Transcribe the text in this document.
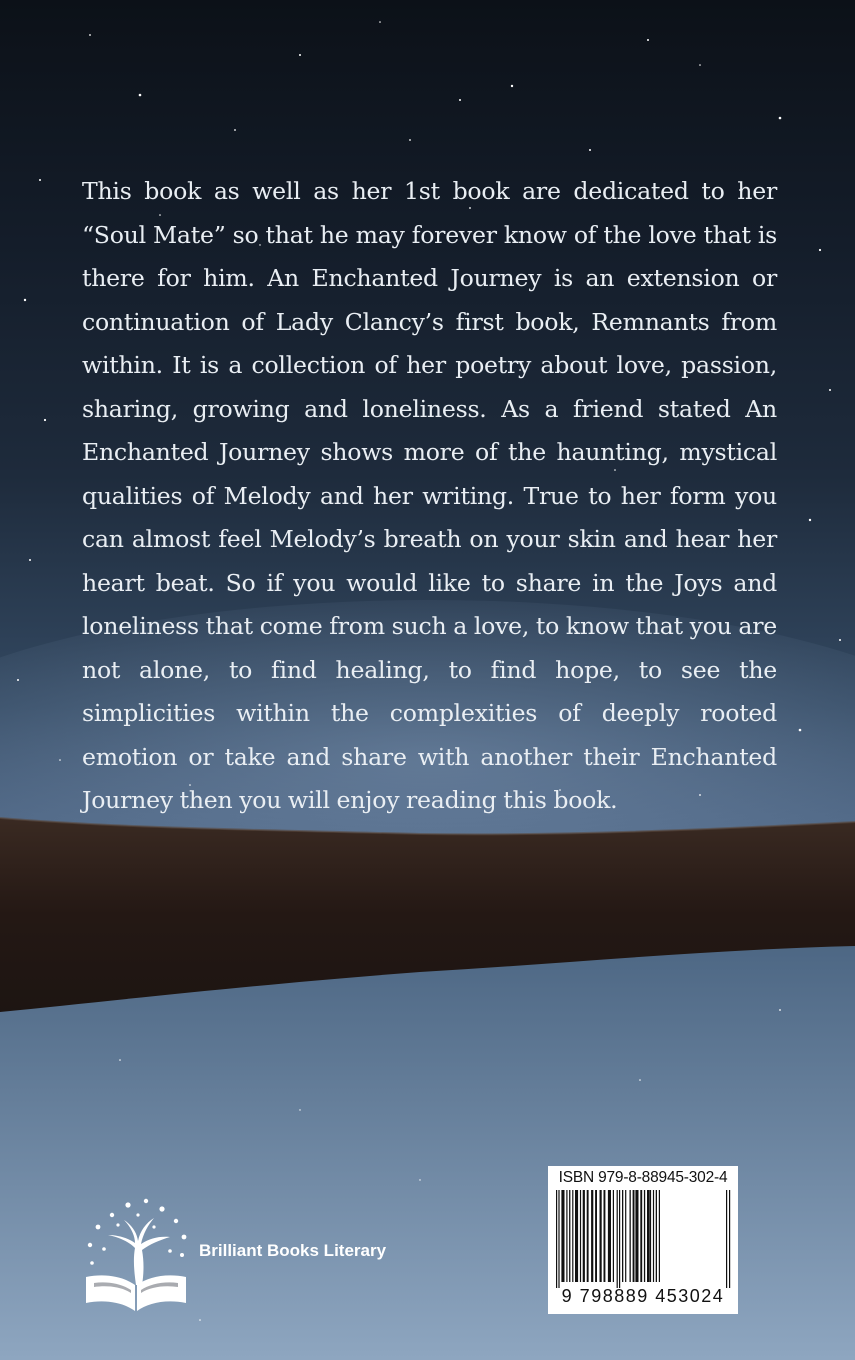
This book as well as her 1st book are dedicated to her “Soul Mate” so that he may forever know of the love that is there for him. An Enchanted Journey is an extension or continuation of Lady Clancy’s first book, Remnants from within. It is a collection of her poetry about love, passion, sharing, growing and loneliness. As a friend stated An Enchanted Journey shows more of the haunting, mystical qualities of Melody and her writing. True to her form you can almost feel Melody’s breath on your skin and hear her heart beat. So if you would like to share in the Joys and loneliness that come from such a love, to know that you are not alone, to find healing, to find hope, to see the simplicities within the complexities of deeply rooted emotion or take and share with another their Enchanted Journey then you will enjoy reading this book.
Brilliant Books Literary
ISBN 979-8-88945-302-4
9 798889 453024
